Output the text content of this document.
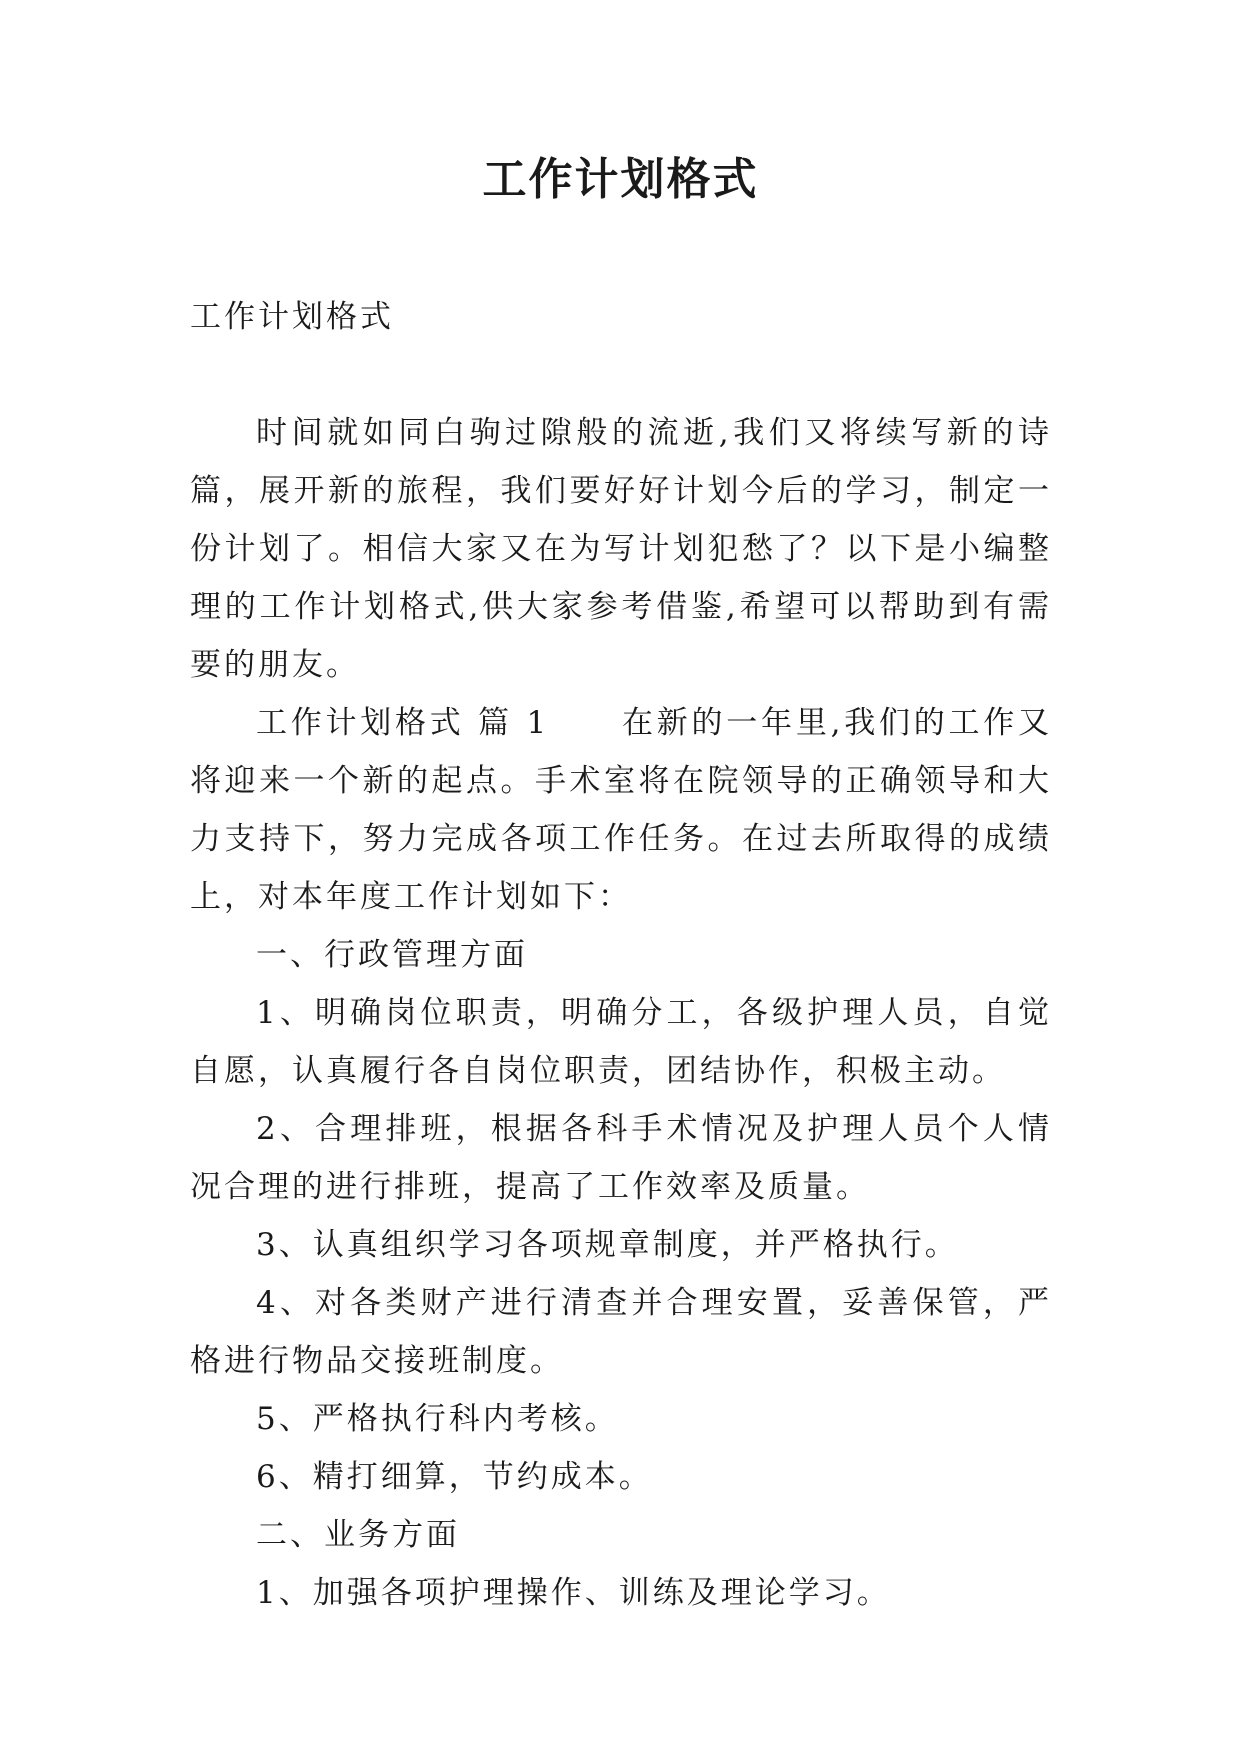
工作计划格式

工作计划格式

时间就如同白驹过隙般的流逝,我们又将续写新的诗篇，展开新的旅程，我们要好好计划今后的学习，制定一份计划了。相信大家又在为写计划犯愁了？以下是小编整理的工作计划格式,供大家参考借鉴,希望可以帮助到有需要的朋友。

工作计划格式 篇 1 在新的一年里,我们的工作又将迎来一个新的起点。手术室将在院领导的正确领导和大力支持下，努力完成各项工作任务。在过去所取得的成绩上，对本年度工作计划如下：

一、行政管理方面

1、明确岗位职责，明确分工，各级护理人员，自觉自愿，认真履行各自岗位职责，团结协作，积极主动。

2、合理排班，根据各科手术情况及护理人员个人情况合理的进行排班，提高了工作效率及质量。

3、认真组织学习各项规章制度，并严格执行。

4、对各类财产进行清查并合理安置，妥善保管，严格进行物品交接班制度。

5、严格执行科内考核。

6、精打细算，节约成本。

二、业务方面

1、加强各项护理操作、训练及理论学习。
